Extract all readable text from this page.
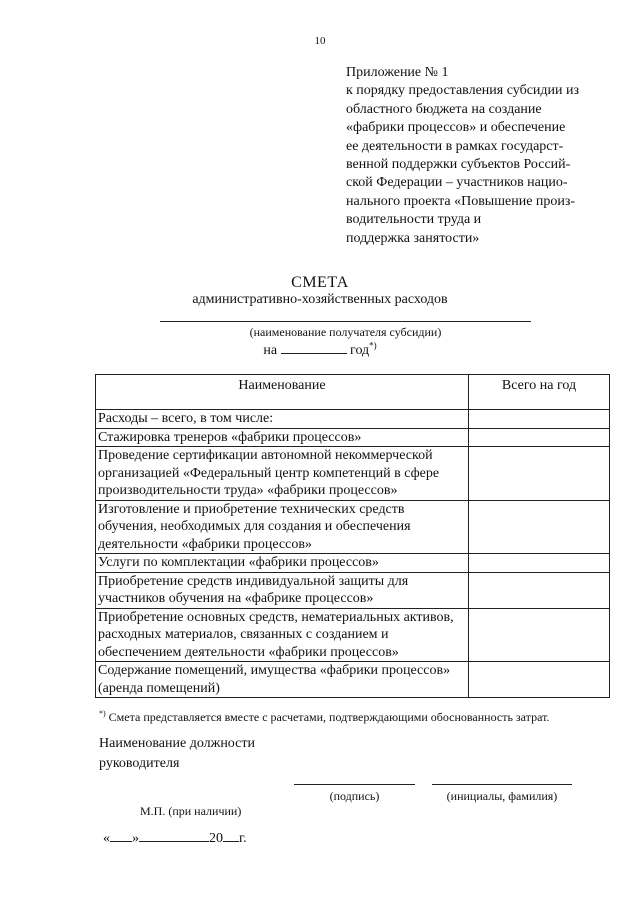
10
Приложение № 1
к порядку предоставления субсидии из
областного бюджета на создание
«фабрики процессов» и обеспечение
ее деятельности в рамках государст-
венной поддержки субъектов Россий-
ской Федерации – участников нацио-
нального проекта «Повышение произ-
водительности труда и
поддержка занятости»
СМЕТА
административно-хозяйственных расходов
(наименование получателя субсидии)
на	год*)
Наименование	Всего на год
Расходы – всего, в том числе:	
Стажировка тренеров «фабрики процессов»	
Проведение сертификации автономной некоммерческой организацией «Федеральный центр компетенций в сфере производительности труда» «фабрики процессов»	
Изготовление и приобретение технических средств обучения, необходимых для создания и обеспечения деятельности «фабрики процессов»	
Услуги по комплектации «фабрики процессов»	
Приобретение средств индивидуальной защиты для участников обучения на «фабрике процессов»	
Приобретение основных средств, нематериальных активов, расходных материалов, связанных с созданием и обеспечением деятельности «фабрики процессов»	
Содержание помещений, имущества «фабрики процессов» (аренда помещений)	
*) Смета представляется вместе с расчетами, подтверждающими обоснованность затрат.
Наименование должности
руководителя
(подпись)	(инициалы, фамилия)
М.П. (при наличии)
« »	20 г.
